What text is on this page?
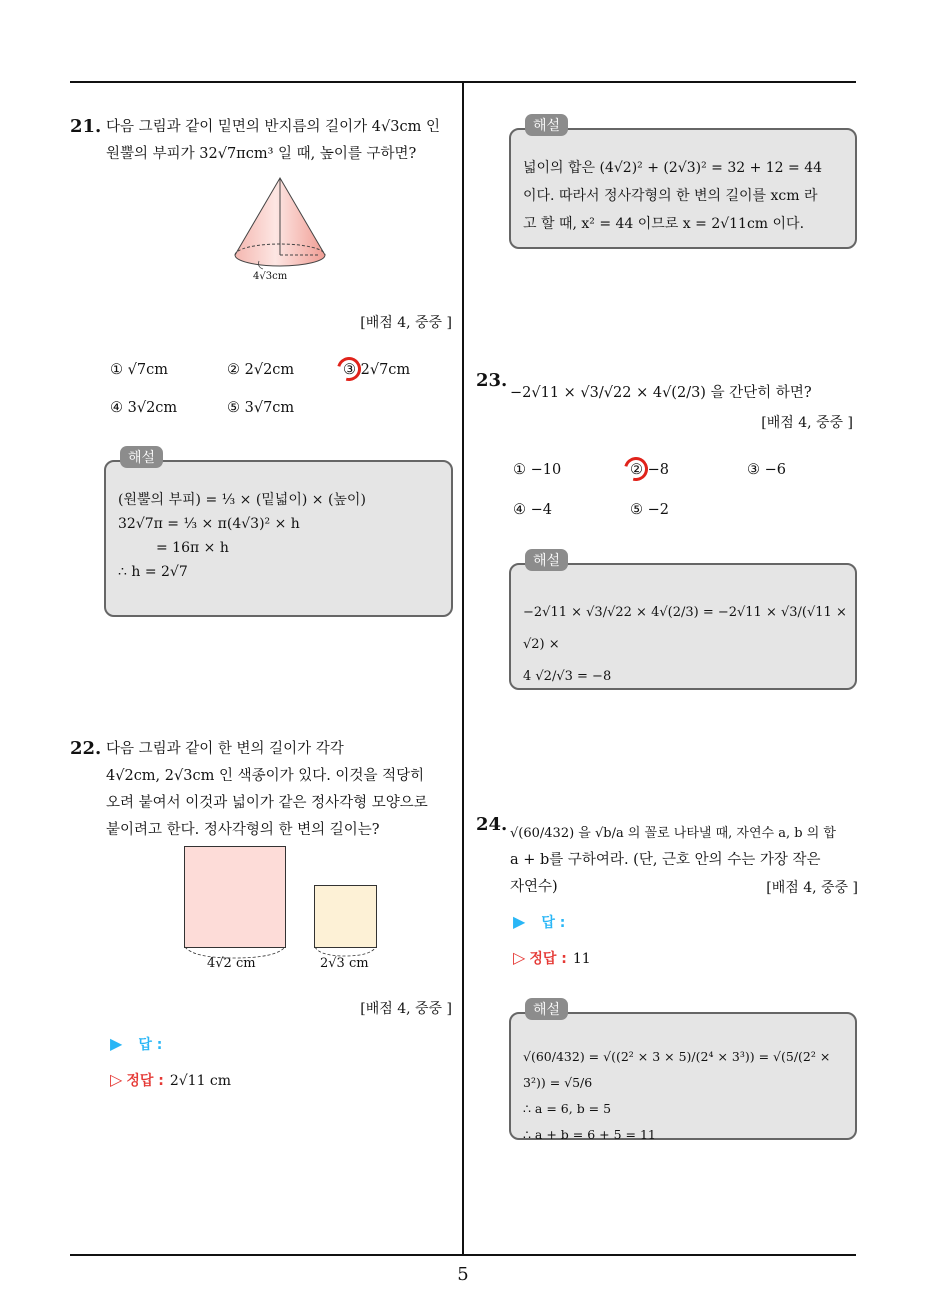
5
21. 다음 그림과 같이 밑면의 반지름의 길이가 4√3cm 인
원뿔의 부피가 32√7πcm³ 일 때, 높이를 구하면?
4√3cm
[배점 4, 중중 ]
① √7cm	② 2√2cm	③ 2√7cm
④ 3√2cm	⑤ 3√7cm
해설
(원뿔의 부피) = ⅓ × (밑넓이) × (높이)
32√7π = ⅓ × π(4√3)² × h
= 16π × h
∴ h = 2√7
22. 다음 그림과 같이 한 변의 길이가 각각
4√2cm, 2√3cm 인 색종이가 있다. 이것을 적당히
오려 붙여서 이것과 넓이가 같은 정사각형 모양으로
붙이려고 한다. 정사각형의 한 변의 길이는?
4√2 cm	2√3 cm
[배점 4, 중중 ]
▶ 답 :
▷ 정답 : 2√11 cm
해설
넓이의 합은 (4√2)² + (2√3)² = 32 + 12 = 44
이다. 따라서 정사각형의 한 변의 길이를 xcm 라
고 할 때, x² = 44 이므로 x = 2√11cm 이다.
23.
−2√11 × √3/√22 × 4√(2/3) 을 간단히 하면?
[배점 4, 중중 ]
① −10	② −8	③ −6
④ −4	⑤ −2
해설
−2√11 × √3/√22 × 4√(2/3) = −2√11 × √3/(√11 × √2) ×
4 √2/√3 = −8
24. √(60/432) 을 √b/a 의 꼴로 나타낼 때, 자연수 a, b 의 합
a + b를 구하여라. (단, 근호 안의 수는 가장 작은
자연수)	[배점 4, 중중 ]
▶ 답 :
▷ 정답 : 11
해설
√(60/432) = √((2² × 3 × 5)/(2⁴ × 3³)) = √(5/(2² × 3²)) = √5/6
∴ a = 6, b = 5
∴ a + b = 6 + 5 = 11
